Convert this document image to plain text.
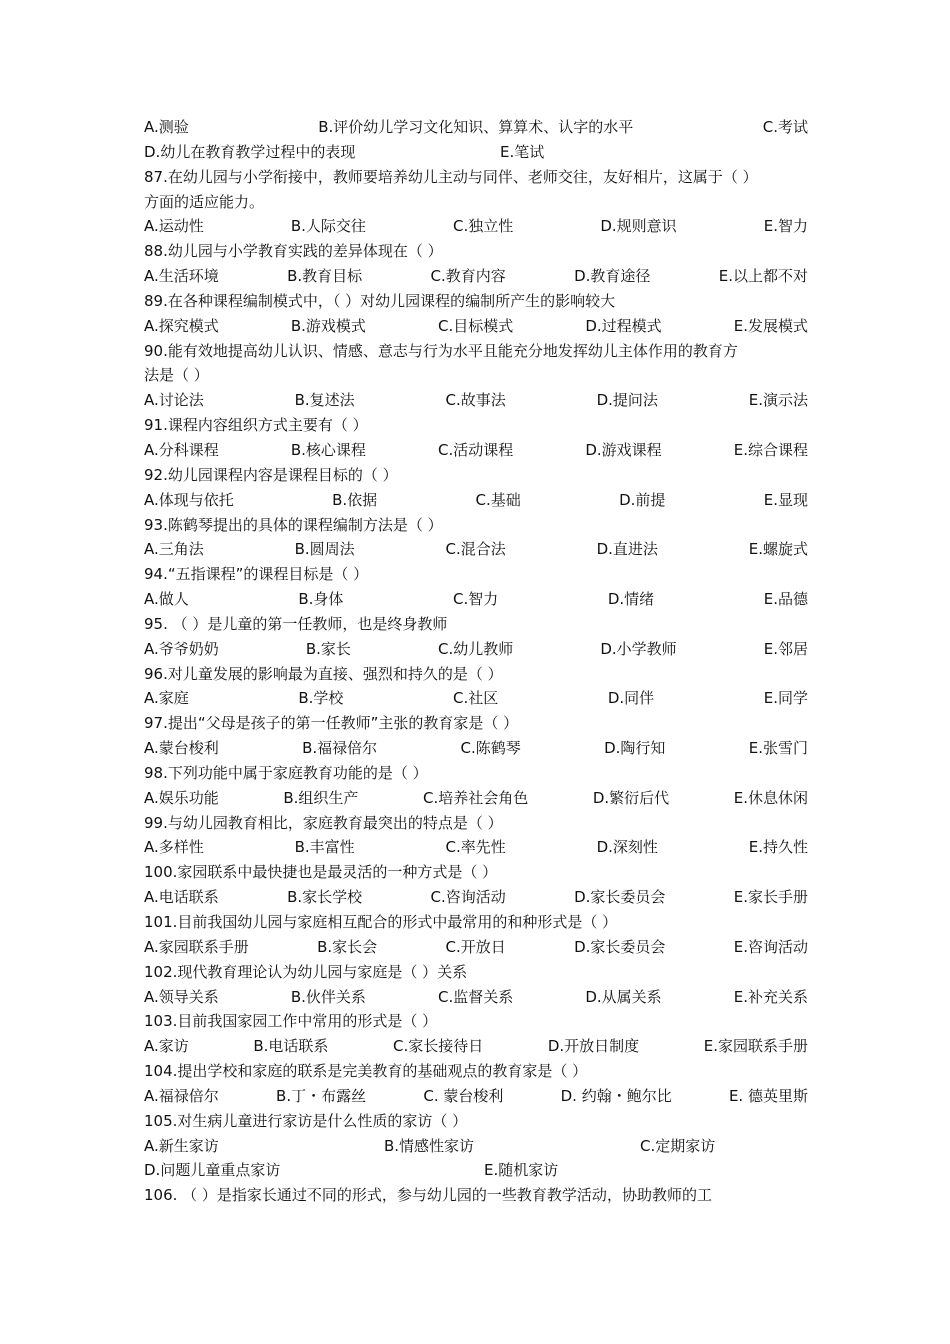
A.测验	B.评价幼儿学习文化知识、算算术、认字的水平	C.考试
D.幼儿在教育教学过程中的表现	E.笔试
87.在幼儿园与小学衔接中，教师要培养幼儿主动与同伴、老师交往，友好相片，这属于（ ）
方面的适应能力。
A.运动性	B.人际交往	C.独立性	D.规则意识	E.智力
88.幼儿园与小学教育实践的差异体现在（ ）
A.生活环境	B.教育目标	C.教育内容	D.教育途径	E.以上都不对
89.在各种课程编制模式中，（ ）对幼儿园课程的编制所产生的影响较大
A.探究模式	B.游戏模式	C.目标模式	D.过程模式	E.发展模式
90.能有效地提高幼儿认识、情感、意志与行为水平且能充分地发挥幼儿主体作用的教育方
法是（ ）
A.讨论法	B.复述法	C.故事法	D.提问法	E.演示法
91.课程内容组织方式主要有（ ）
A.分科课程	B.核心课程	C.活动课程	D.游戏课程	E.综合课程
92.幼儿园课程内容是课程目标的（ ）
A.体现与依托	B.依据	C.基础	D.前提	E.显现
93.陈鹤琴提出的具体的课程编制方法是（ ）
A.三角法	B.圆周法	C.混合法	D.直进法	E.螺旋式
94.“五指课程”的课程目标是（ ）
A.做人	B.身体	C.智力	D.情绪	E.品德
95. （ ）是儿童的第一任教师，也是终身教师
A.爷爷奶奶	B.家长	C.幼儿教师	D.小学教师	E.邻居
96.对儿童发展的影响最为直接、强烈和持久的是（ ）
A.家庭	B.学校	C.社区	D.同伴	E.同学
97.提出“父母是孩子的第一任教师”主张的教育家是（ ）
A.蒙台梭利	B.福禄倍尔	C.陈鹤琴	D.陶行知	E.张雪门
98.下列功能中属于家庭教育功能的是（ ）
A.娱乐功能	B.组织生产	C.培养社会角色	D.繁衍后代	E.休息休闲
99.与幼儿园教育相比，家庭教育最突出的特点是（ ）
A.多样性	B.丰富性	C.率先性	D.深刻性	E.持久性
100.家园联系中最快捷也是最灵活的一种方式是（ ）
A.电话联系	B.家长学校	C.咨询活动	D.家长委员会	E.家长手册
101.目前我国幼儿园与家庭相互配合的形式中最常用的和种形式是（ ）
A.家园联系手册	B.家长会	C.开放日	D.家长委员会	E.咨询活动
102.现代教育理论认为幼儿园与家庭是（ ）关系
A.领导关系	B.伙伴关系	C.监督关系	D.从属关系	E.补充关系
103.目前我国家园工作中常用的形式是（ ）
A.家访	B.电话联系	C.家长接待日	D.开放日制度	E.家园联系手册
104.提出学校和家庭的联系是完美教育的基础观点的教育家是（ ）
A.福禄倍尔	B.丁・布露丝	C. 蒙台梭利	D. 约翰・鲍尔比	E. 德英里斯
105.对生病儿童进行家访是什么性质的家访（ ）
A.新生家访	B.情感性家访	C.定期家访
D.问题儿童重点家访	E.随机家访
106. （ ）是指家长通过不同的形式，参与幼儿园的一些教育教学活动，协助教师的工
